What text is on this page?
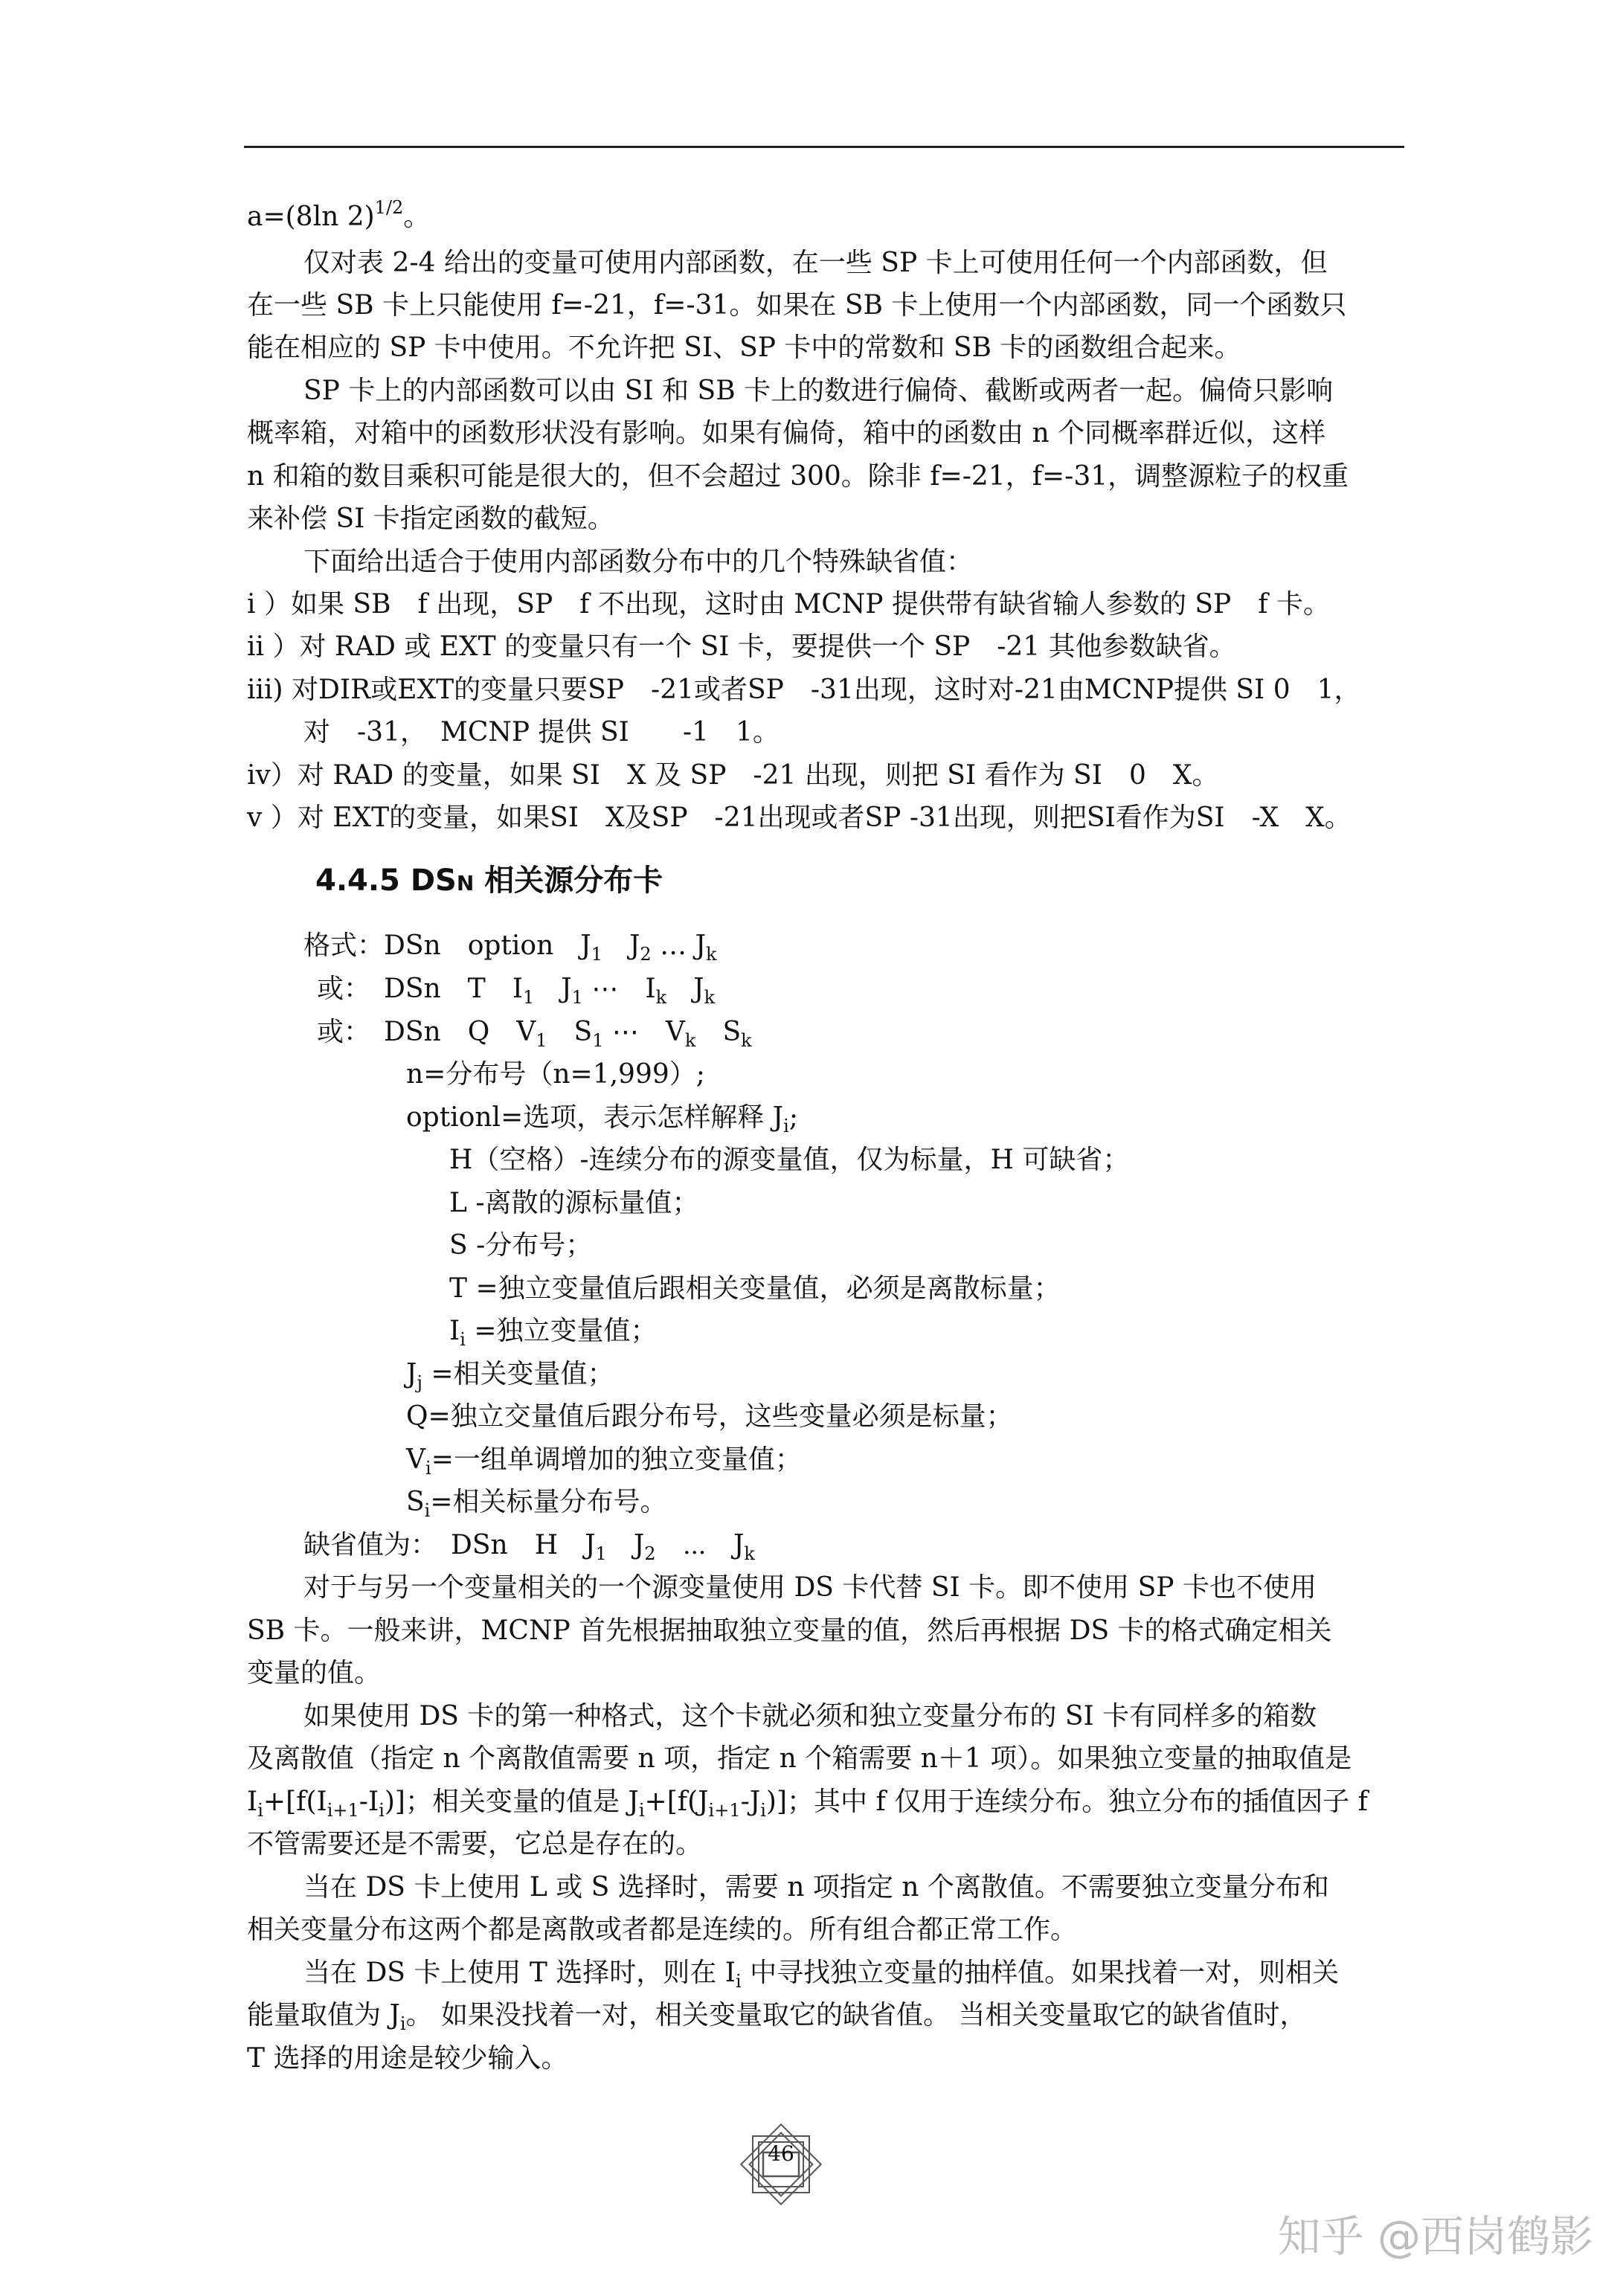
a=(8ln 2)$^{1/2}$。
仅对表 2-4 给出的变量可使用内部函数，在一些 SP 卡上可使用任何一个内部函数，但
在一些 SB 卡上只能使用 f=-21，f=-31。如果在 SB 卡上使用一个内部函数，同一个函数只
能在相应的 SP 卡中使用。不允许把 SI、SP 卡中的常数和 SB 卡的函数组合起来。
SP 卡上的内部函数可以由 SI 和 SB 卡上的数进行偏倚、截断或两者一起。偏倚只影响
概率箱，对箱中的函数形状没有影响。如果有偏倚，箱中的函数由 n 个同概率群近似，这样
n 和箱的数目乘积可能是很大的，但不会超过 300。除非 f=-21，f=-31，调整源粒子的权重
来补偿 SI 卡指定函数的截短。
下面给出适合于使用内部函数分布中的几个特殊缺省值：
i ）如果 SB　f 出现，SP　f 不出现，这时由 MCNP 提供带有缺省输人参数的 SP　f 卡。
ii ）对 RAD 或 EXT 的变量只有一个 SI 卡，要提供一个 SP　-21 其他参数缺省。
iii) 对DIR或EXT的变量只要SP　-21或者SP　-31出现，这时对-21由MCNP提供 SI 0　1，
对　-31，　MCNP 提供 SI　　-1　1。
iv）对 RAD 的变量，如果 SI　X 及 SP　-21 出现，则把 SI 看作为 SI　0　X。
v ）对 EXT的变量，如果SI　X及SP　-21出现或者SP -31出现，则把SI看作为SI　-X　X。
4.4.5 DSN 相关源分布卡
格式：DSn　option　$J_1$　$J_2$ … $J_k$
或：　DSn　T　$I_1$　$J_1$ ⋯　$I_k$　$J_k$
或：　DSn　Q　$V_1$　$S_1$ ⋯　$V_k$　$S_k$
n=分布号（n=1,999）;
optionl=选项，表示怎样解释 $J_i$;
H（空格）-连续分布的源变量值，仅为标量，H 可缺省；
L -离散的源标量值；
S -分布号；
T =独立变量值后跟相关变量值，必须是离散标量；
$I_i$ =独立变量值；
$J_j$ =相关变量值；
Q=独立交量值后跟分布号，这些变量必须是标量；
$V_i=$一组单调增加的独立变量值；
$S_i=$相关标量分布号。
缺省值为：　DSn　H　$J_1$　$J_2$　⋯　$J_k$
对于与另一个变量相关的一个源变量使用 DS 卡代替 SI 卡。即不使用 SP 卡也不使用
SB 卡。一般来讲，MCNP 首先根据抽取独立变量的值，然后再根据 DS 卡的格式确定相关
变量的值。
如果使用 DS 卡的第一种格式，这个卡就必须和独立变量分布的 SI 卡有同样多的箱数
及离散值（指定 n 个离散值需要 n 项，指定 n 个箱需要 n＋1 项）。如果独立变量的抽取值是
$I_i+[f(I_{i+1}-I_i)]$；相关变量的值是 $J_i+[f(J_{i+1}-J_i)]$；其中 f 仅用于连续分布。独立分布的插值因子 f
不管需要还是不需要，它总是存在的。
当在 DS 卡上使用 L 或 S 选择时，需要 n 项指定 n 个离散值。不需要独立变量分布和
相关变量分布这两个都是离散或者都是连续的。所有组合都正常工作。
当在 DS 卡上使用 T 选择时，则在 $I_i$ 中寻找独立变量的抽样值。如果找着一对，则相关
能量取值为 $J_i$。 如果没找着一对，相关变量取它的缺省值。 当相关变量取它的缺省值时，
T 选择的用途是较少输入。
46
知乎 @西岗鹤影
